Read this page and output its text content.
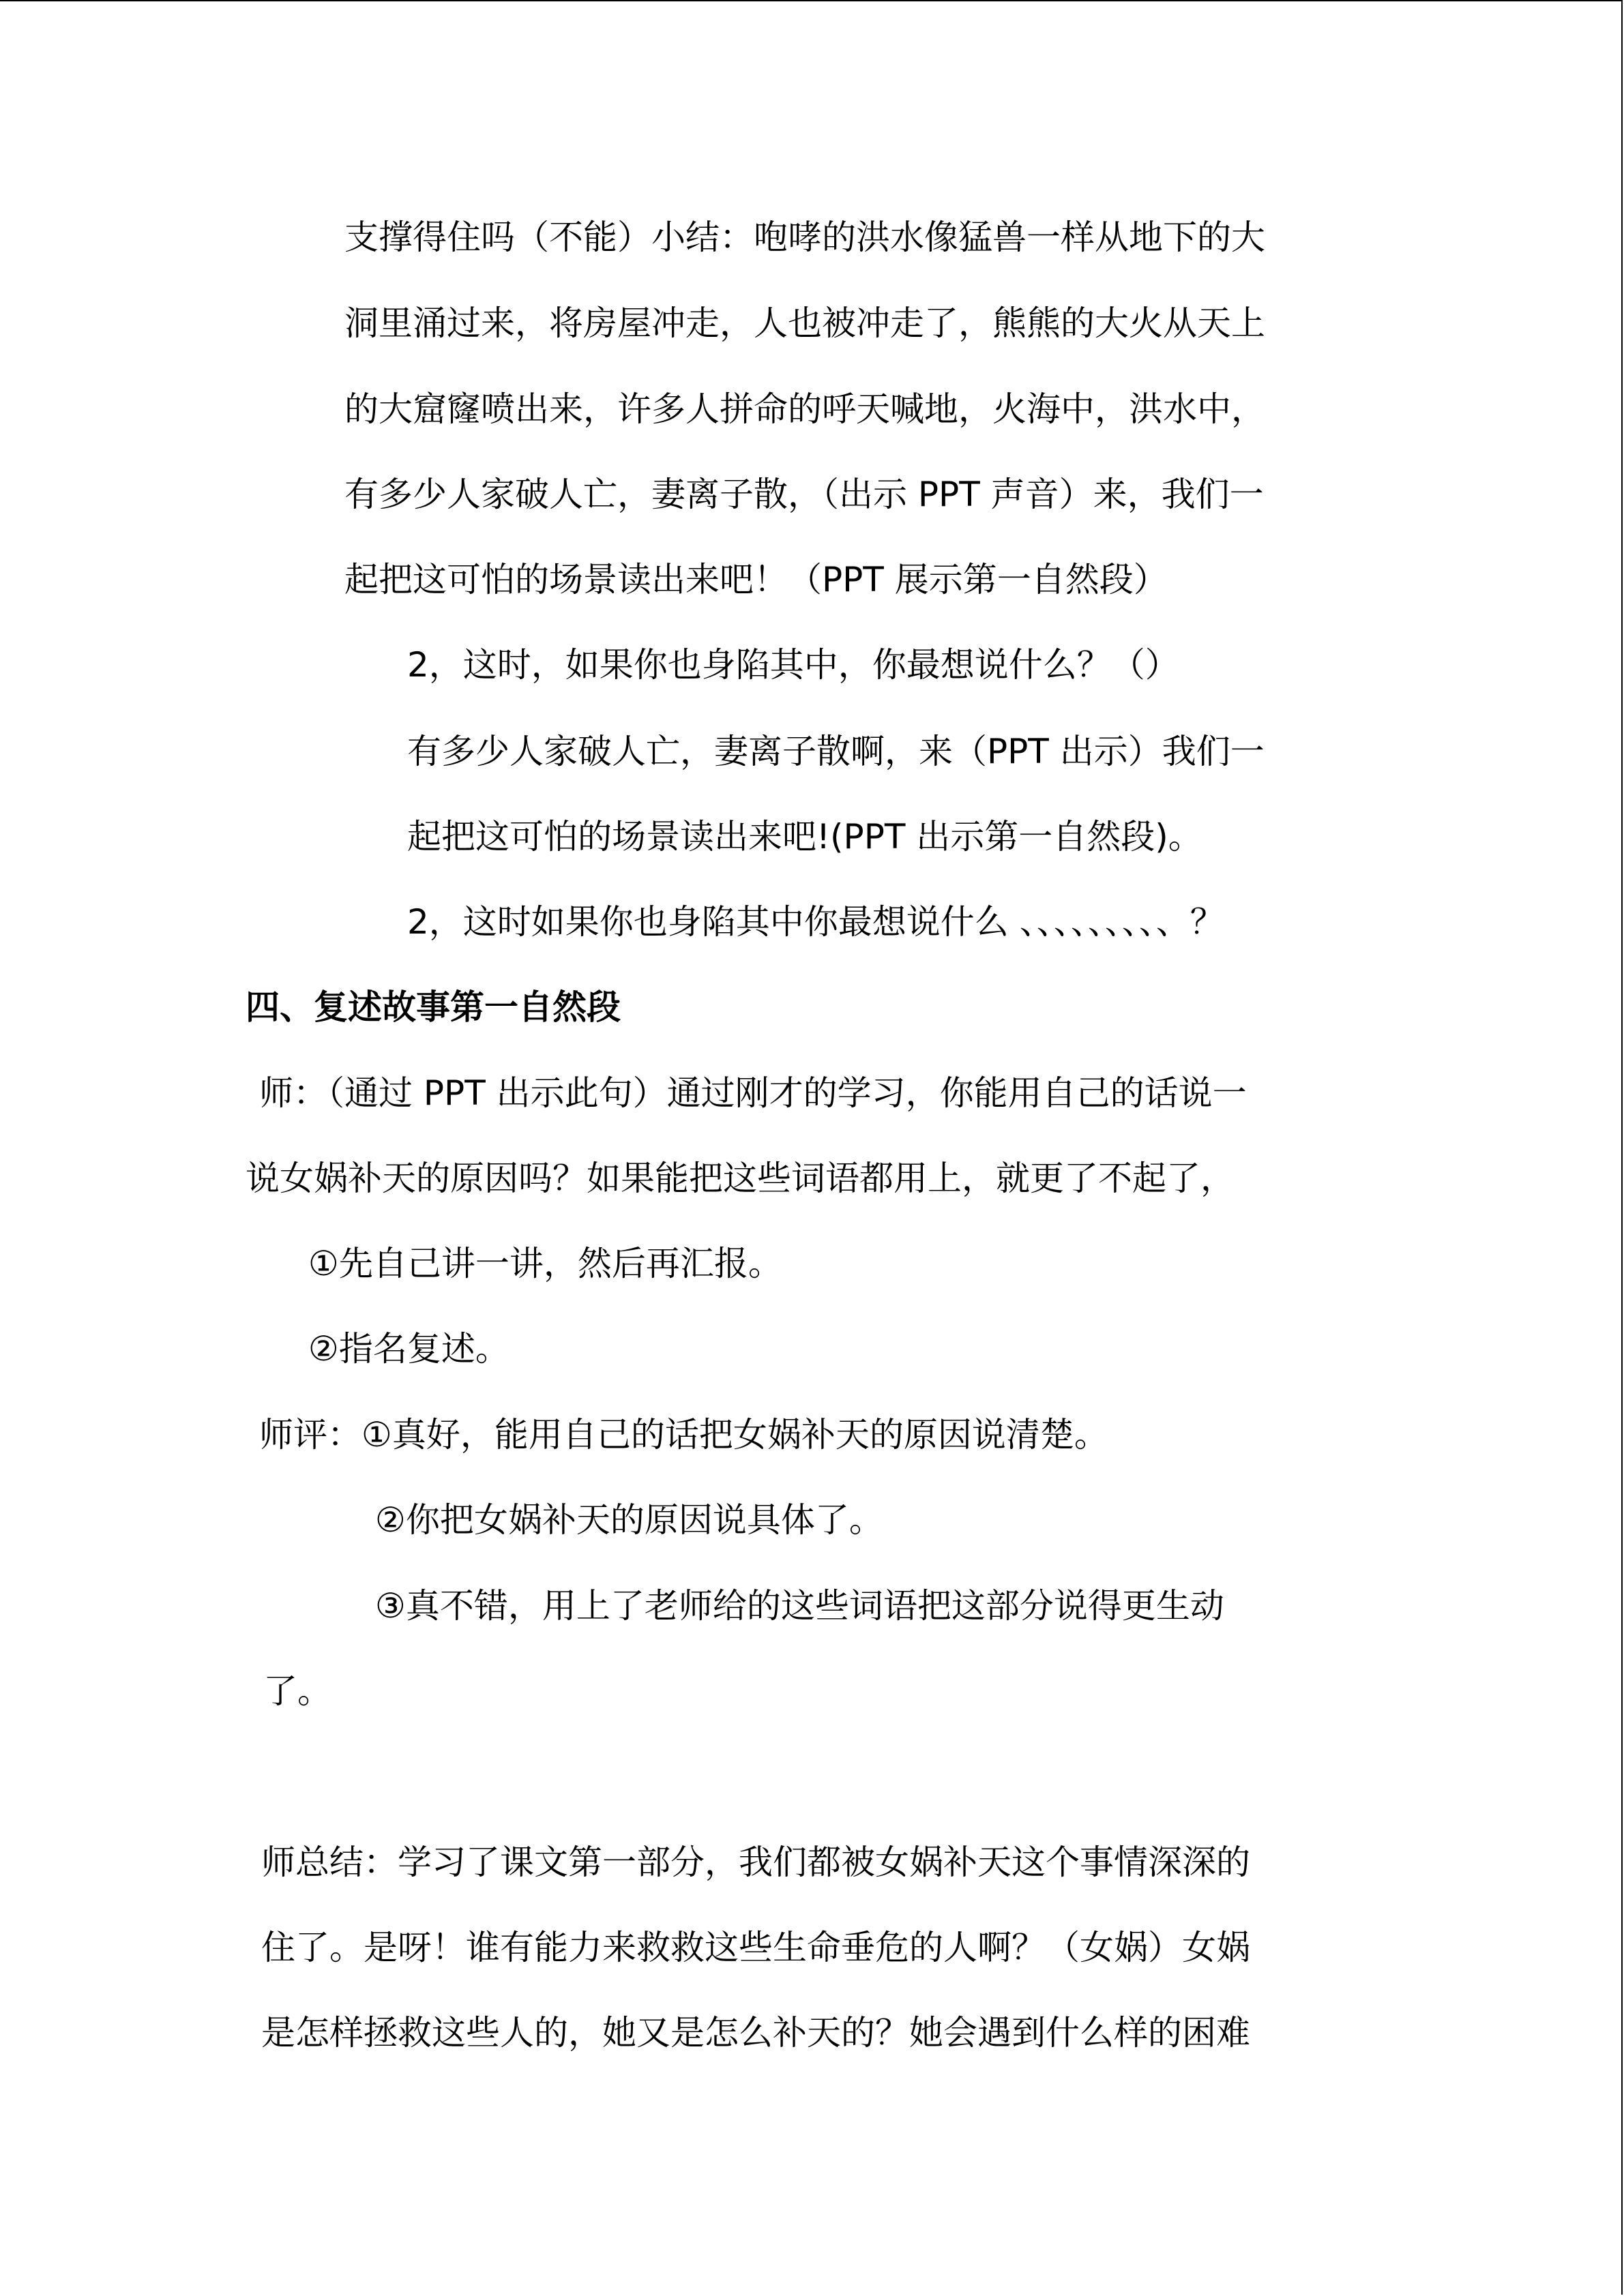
支撑得住吗（不能）小结：咆哮的洪水像猛兽一样从地下的大
洞里涌过来，将房屋冲走，人也被冲走了，熊熊的大火从天上
的大窟窿喷出来，许多人拼命的呼天喊地，火海中，洪水中，
有多少人家破人亡，妻离子散，（出示 PPT 声音）来，我们一
起把这可怕的场景读出来吧！（PPT 展示第一自然段）
2，这时，如果你也身陷其中，你最想说什么？（）
有多少人家破人亡，妻离子散啊，来（PPT 出示）我们一
起把这可怕的场景读出来吧!(PPT 出示第一自然段)。
2，这时如果你也身陷其中你最想说什么 、、、、、、、、、？
四、复述故事第一自然段
师：（通过 PPT 出示此句）通过刚才的学习，你能用自己的话说一
说女娲补天的原因吗？如果能把这些词语都用上，就更了不起了，
①先自己讲一讲，然后再汇报。
②指名复述。
师评：①真好，能用自己的话把女娲补天的原因说清楚。
②你把女娲补天的原因说具体了。
③真不错，用上了老师给的这些词语把这部分说得更生动
了。
师总结：学习了课文第一部分，我们都被女娲补天这个事情深深的
住了。是呀！谁有能力来救救这些生命垂危的人啊？（女娲）女娲
是怎样拯救这些人的，她又是怎么补天的？她会遇到什么样的困难
